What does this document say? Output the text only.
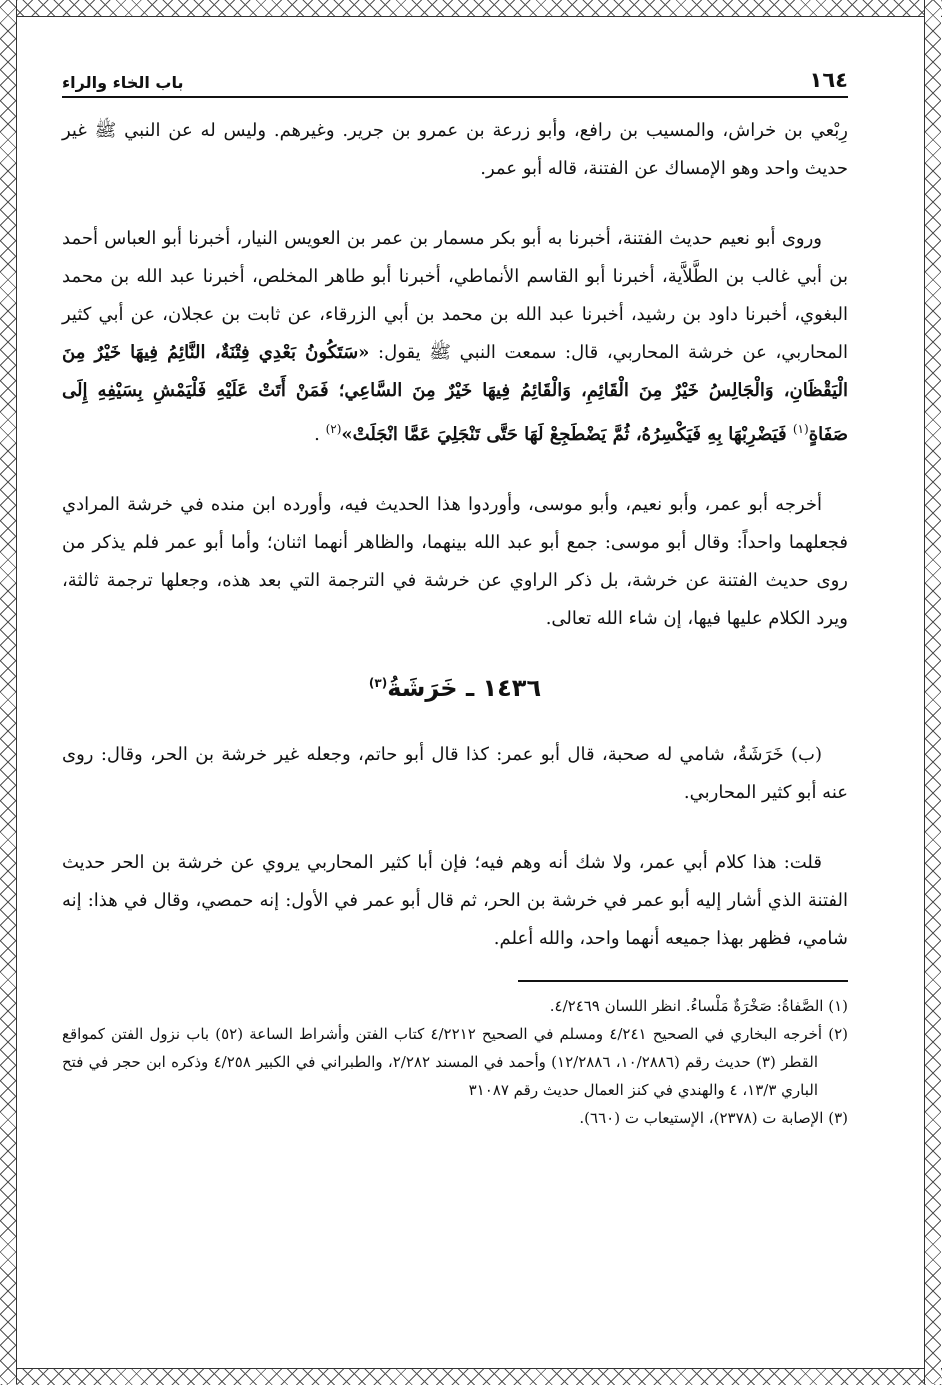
١٦٤
باب الخاء والراء

رِبْعي بن خراش، والمسيب بن رافع، وأبو زرعة بن عمرو بن جرير. وغيرهم. وليس له عن النبي ﷺ غير حديث واحد وهو الإمساك عن الفتنة، قاله أبو عمر.

وروى أبو نعيم حديث الفتنة، أخبرنا به أبو بكر مسمار بن عمر بن العويس النيار، أخبرنا أبو العباس أحمد بن أبي غالب بن الطَّلاَّية، أخبرنا أبو القاسم الأنماطي، أخبرنا أبو طاهر المخلص، أخبرنا عبد الله بن محمد البغوي، أخبرنا داود بن رشيد، أخبرنا عبد الله بن محمد بن أبي الزرقاء، عن ثابت بن عجلان، عن أبي كثير المحاربي، عن خرشة المحاربي، قال: سمعت النبي ﷺ يقول: «سَتَكُونُ بَعْدِي فِتْنَةٌ، النَّائِمُ فِيهَا خَيْرٌ مِنَ الْيَقْظَانِ، وَالْجَالِسُ خَيْرٌ مِنَ الْقَائِمِ، وَالْقَائِمُ فِيهَا خَيْرٌ مِنَ السَّاعِي؛ فَمَنْ أَتَتْ عَلَيْهِ فَلْيَمْشِ بِسَيْفِهِ إِلَى صَفَاةٍ$^{(١)}$ فَيَضْرِبْهَا بِهِ فَيَكْسِرُهُ، ثُمَّ يَضْطَجِعْ لَهَا حَتَّى تَنْجَلِيَ عَمَّا انْجَلَتْ»$^{(٢)}$ .

أخرجه أبو عمر، وأبو نعيم، وأبو موسى، وأوردوا هذا الحديث فيه، وأورده ابن منده في خرشة المرادي فجعلهما واحداً: وقال أبو موسى: جمع أبو عبد الله بينهما، والظاهر أنهما اثنان؛ وأما أبو عمر فلم يذكر من روى حديث الفتنة عن خرشة، بل ذكر الراوي عن خرشة في الترجمة التي بعد هذه، وجعلها ترجمة ثالثة، ويرد الكلام عليها فيها، إن شاء الله تعالى.

١٤٣٦ ـ خَرَشَةُ$^{(٣)}$

(ب) خَرَشَةُ، شامي له صحبة، قال أبو عمر: كذا قال أبو حاتم، وجعله غير خرشة بن الحر، وقال: روى عنه أبو كثير المحاربي.

قلت: هذا كلام أبي عمر، ولا شك أنه وهم فيه؛ فإن أبا كثير المحاربي يروي عن خرشة بن الحر حديث الفتنة الذي أشار إليه أبو عمر في خرشة بن الحر، ثم قال أبو عمر في الأول: إنه حمصي، وقال في هذا: إنه شامي، فظهر بهذا جميعه أنهما واحد، والله أعلم.

(١) الصَّفاةُ: صَخْرَةٌ مَلْساءُ. انظر اللسان ٤/٢٤٦٩.

(٢) أخرجه البخاري في الصحيح ٤/٢٤١ ومسلم في الصحيح ٤/٢٢١٢ كتاب الفتن وأشراط الساعة (٥٢) باب نزول الفتن كمواقع القطر (٣) حديث رقم (١٠/٢٨٨٦، ١٢/٢٨٨٦) وأحمد في المسند ٢/٢٨٢، والطبراني في الكبير ٤/٢٥٨ وذكره ابن حجر في فتح الباري ١٣/٣، ٤ والهندي في كنز العمال حديث رقم ٣١٠٨٧

(٣) الإصابة ت (٢٣٧٨)، الإستيعاب ت (٦٦٠).
